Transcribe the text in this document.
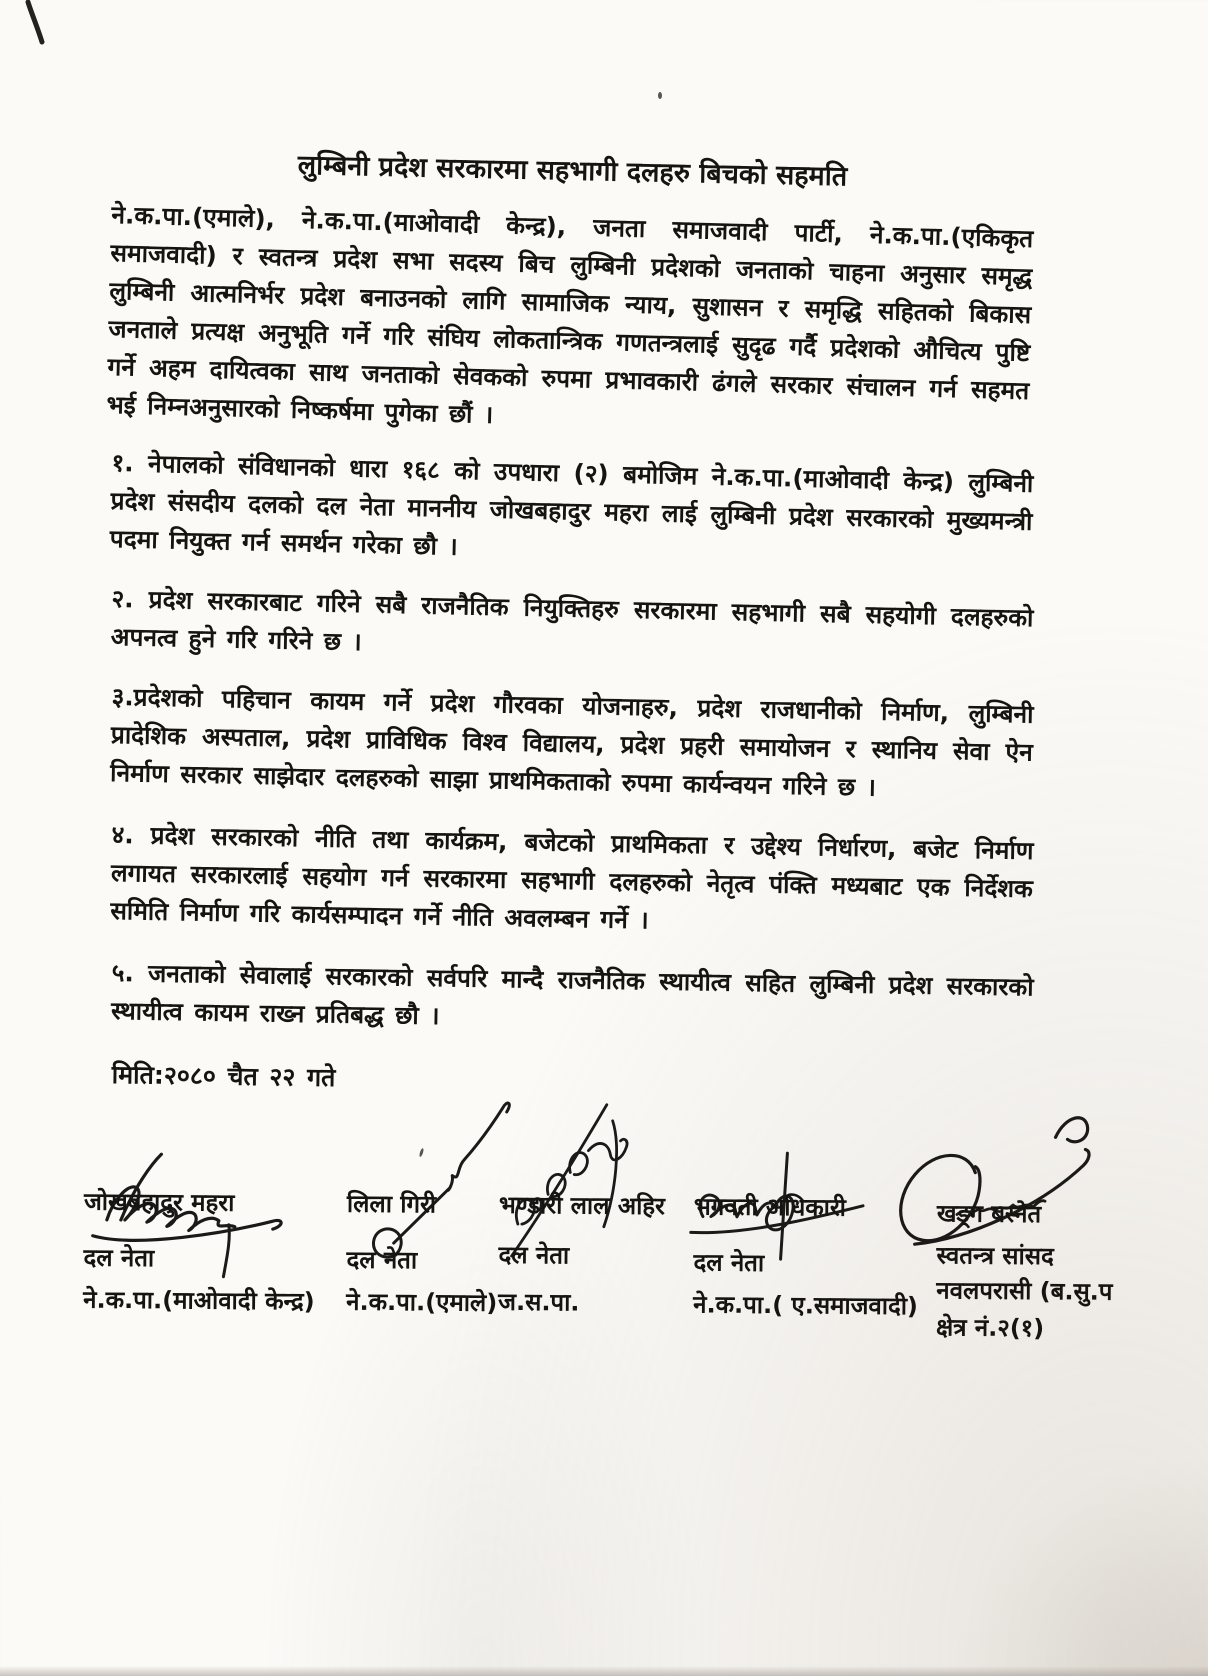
लुम्बिनी प्रदेश सरकारमा सहभागी दलहरु बिचको सहमति

ने.क.पा.(एमाले), ने.क.पा.(माओवादी केन्द्र), जनता समाजवादी पार्टी, ने.क.पा.(एकिकृत समाजवादी) र स्वतन्त्र प्रदेश सभा सदस्य बिच लुम्बिनी प्रदेशको जनताको चाहना अनुसार समृद्ध लुम्बिनी आत्मनिर्भर प्रदेश बनाउनको लागि सामाजिक न्याय, सुशासन र समृद्धि सहितको बिकास जनताले प्रत्यक्ष अनुभूति गर्ने गरि संघिय लोकतान्त्रिक गणतन्त्रलाई सुदृढ गर्दै प्रदेशको औचित्य पुष्टि गर्ने अहम दायित्वका साथ जनताको सेवकको रुपमा प्रभावकारी ढंगले सरकार संचालन गर्न सहमत भई निम्नअनुसारको निष्कर्षमा पुगेका छौं ।

१. नेपालको संविधानको धारा १६८ को उपधारा (२) बमोजिम ने.क.पा.(माओवादी केन्द्र) लुम्बिनी प्रदेश संसदीय दलको दल नेता माननीय जोखबहादुर महरा लाई लुम्बिनी प्रदेश सरकारको मुख्यमन्त्री पदमा नियुक्त गर्न समर्थन गरेका छौ ।

२. प्रदेश सरकारबाट गरिने सबै राजनैतिक नियुक्तिहरु सरकारमा सहभागी सबै सहयोगी दलहरुको अपनत्व हुने गरि गरिने छ ।

३.प्रदेशको पहिचान कायम गर्ने प्रदेश गौरवका योजनाहरु, प्रदेश राजधानीको निर्माण, लुम्बिनी प्रादेशिक अस्पताल, प्रदेश प्राविधिक विश्व विद्यालय, प्रदेश प्रहरी समायोजन र स्थानिय सेवा ऐन निर्माण सरकार साझेदार दलहरुको साझा प्राथमिकताको रुपमा कार्यन्वयन गरिने छ ।

४. प्रदेश सरकारको नीति तथा कार्यक्रम, बजेटको प्राथमिकता र उद्देश्य निर्धारण, बजेट निर्माण लगायत सरकारलाई सहयोग गर्न सरकारमा सहभागी दलहरुको नेतृत्व पंक्ति मध्यबाट एक निर्देशक समिति निर्माण गरि कार्यसम्पादन गर्ने नीति अवलम्बन गर्ने ।

५. जनताको सेवालाई सरकारको सर्वपरि मान्दै राजनैतिक स्थायीत्व सहित लुम्बिनी प्रदेश सरकारको स्थायीत्व कायम राख्न प्रतिबद्ध छौ ।

मिति:२०८० चैत २२ गते

जोखबहादुर महरा
दल नेता
ने.क.पा.(माओवादी केन्द्र)
लिला गिरी
दल नेता
ने.क.पा.(एमाले)
भण्डारी लाल अहिर
दल नेता
ज.स.पा.
भगवती अधिकारी
दल नेता
ने.क.पा.( ए.समाजवादी)
खड्ग बस्नेत
स्वतन्त्र सांसद
नवलपरासी (ब.सु.प
क्षेत्र नं.२(१)
